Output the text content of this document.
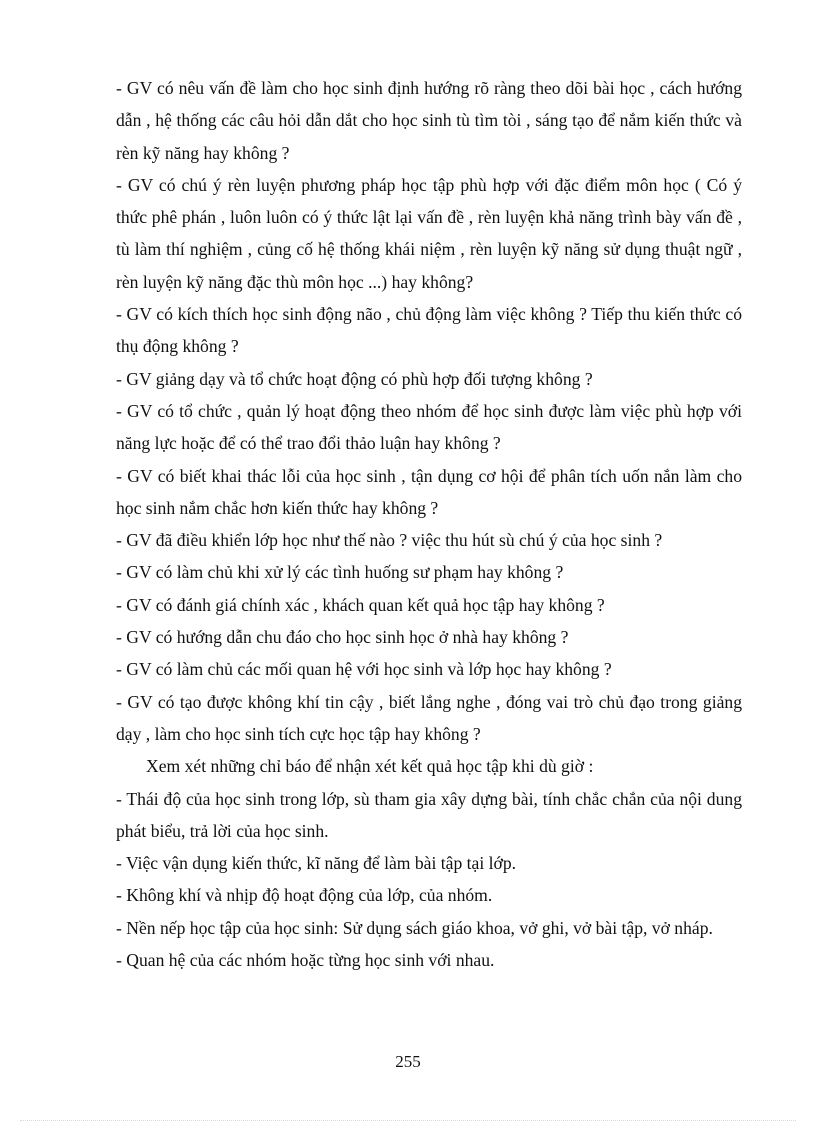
- GV có nêu vấn đề làm cho học sinh định hướng rõ ràng theo dõi bài học , cách hướng dẫn , hệ thống các câu hỏi dẫn dắt cho học sinh tù tìm tòi , sáng tạo để nắm kiến thức và rèn kỹ năng hay không ?

- GV có chú ý rèn luyện phương pháp học tập phù hợp với đặc điểm môn học ( Có ý thức phê phán , luôn luôn có ý thức lật lại vấn đề , rèn luyện khả năng trình bày vấn đề , tù làm thí nghiệm , củng cố hệ thống khái niệm , rèn luyện kỹ năng sử dụng thuật ngữ , rèn luyện kỹ năng đặc thù môn học ...) hay không?

- GV có kích thích học sinh động não , chủ động làm việc không ? Tiếp thu kiến thức có thụ động không ?

- GV giảng dạy và tổ chức hoạt động có phù hợp đối tượng không ?

- GV có tổ chức , quản lý hoạt động theo nhóm để học sinh được làm việc phù hợp với năng lực hoặc để có thể trao đổi thảo luận hay không ?

- GV có biết khai thác lỗi của học sinh , tận dụng cơ hội để phân tích uốn nắn làm cho học sinh nắm chắc hơn kiến thức hay không ?

- GV đã điều khiển lớp học như thế nào ? việc thu hút sù chú ý của học sinh ?

- GV có làm chủ khi xử lý các tình huống sư phạm hay không ?

- GV có đánh giá chính xác , khách quan kết quả học tập hay không ?

- GV có hướng dẫn chu đáo cho học sinh học ở nhà hay không ?

- GV có làm chủ các mối quan hệ với học sinh và lớp học hay không ?

- GV có tạo được không khí tin cậy , biết lắng nghe , đóng vai trò chủ đạo trong giảng dạy , làm cho học sinh tích cực học tập hay không ?

Xem xét những chỉ báo để nhận xét kết quả học tập khi dù giờ :

- Thái độ của học sinh trong lớp, sù tham gia xây dựng bài, tính chắc chắn của nội dung phát biểu, trả lời của học sinh.

- Việc vận dụng kiến thức, kĩ năng để làm bài tập tại lớp.

- Không khí và nhịp độ hoạt động của lớp, của nhóm.

- Nền nếp học tập của học sinh: Sử dụng sách giáo khoa, vở ghi, vở bài tập, vở nháp.

- Quan hệ của các nhóm hoặc từng học sinh với nhau.

255
